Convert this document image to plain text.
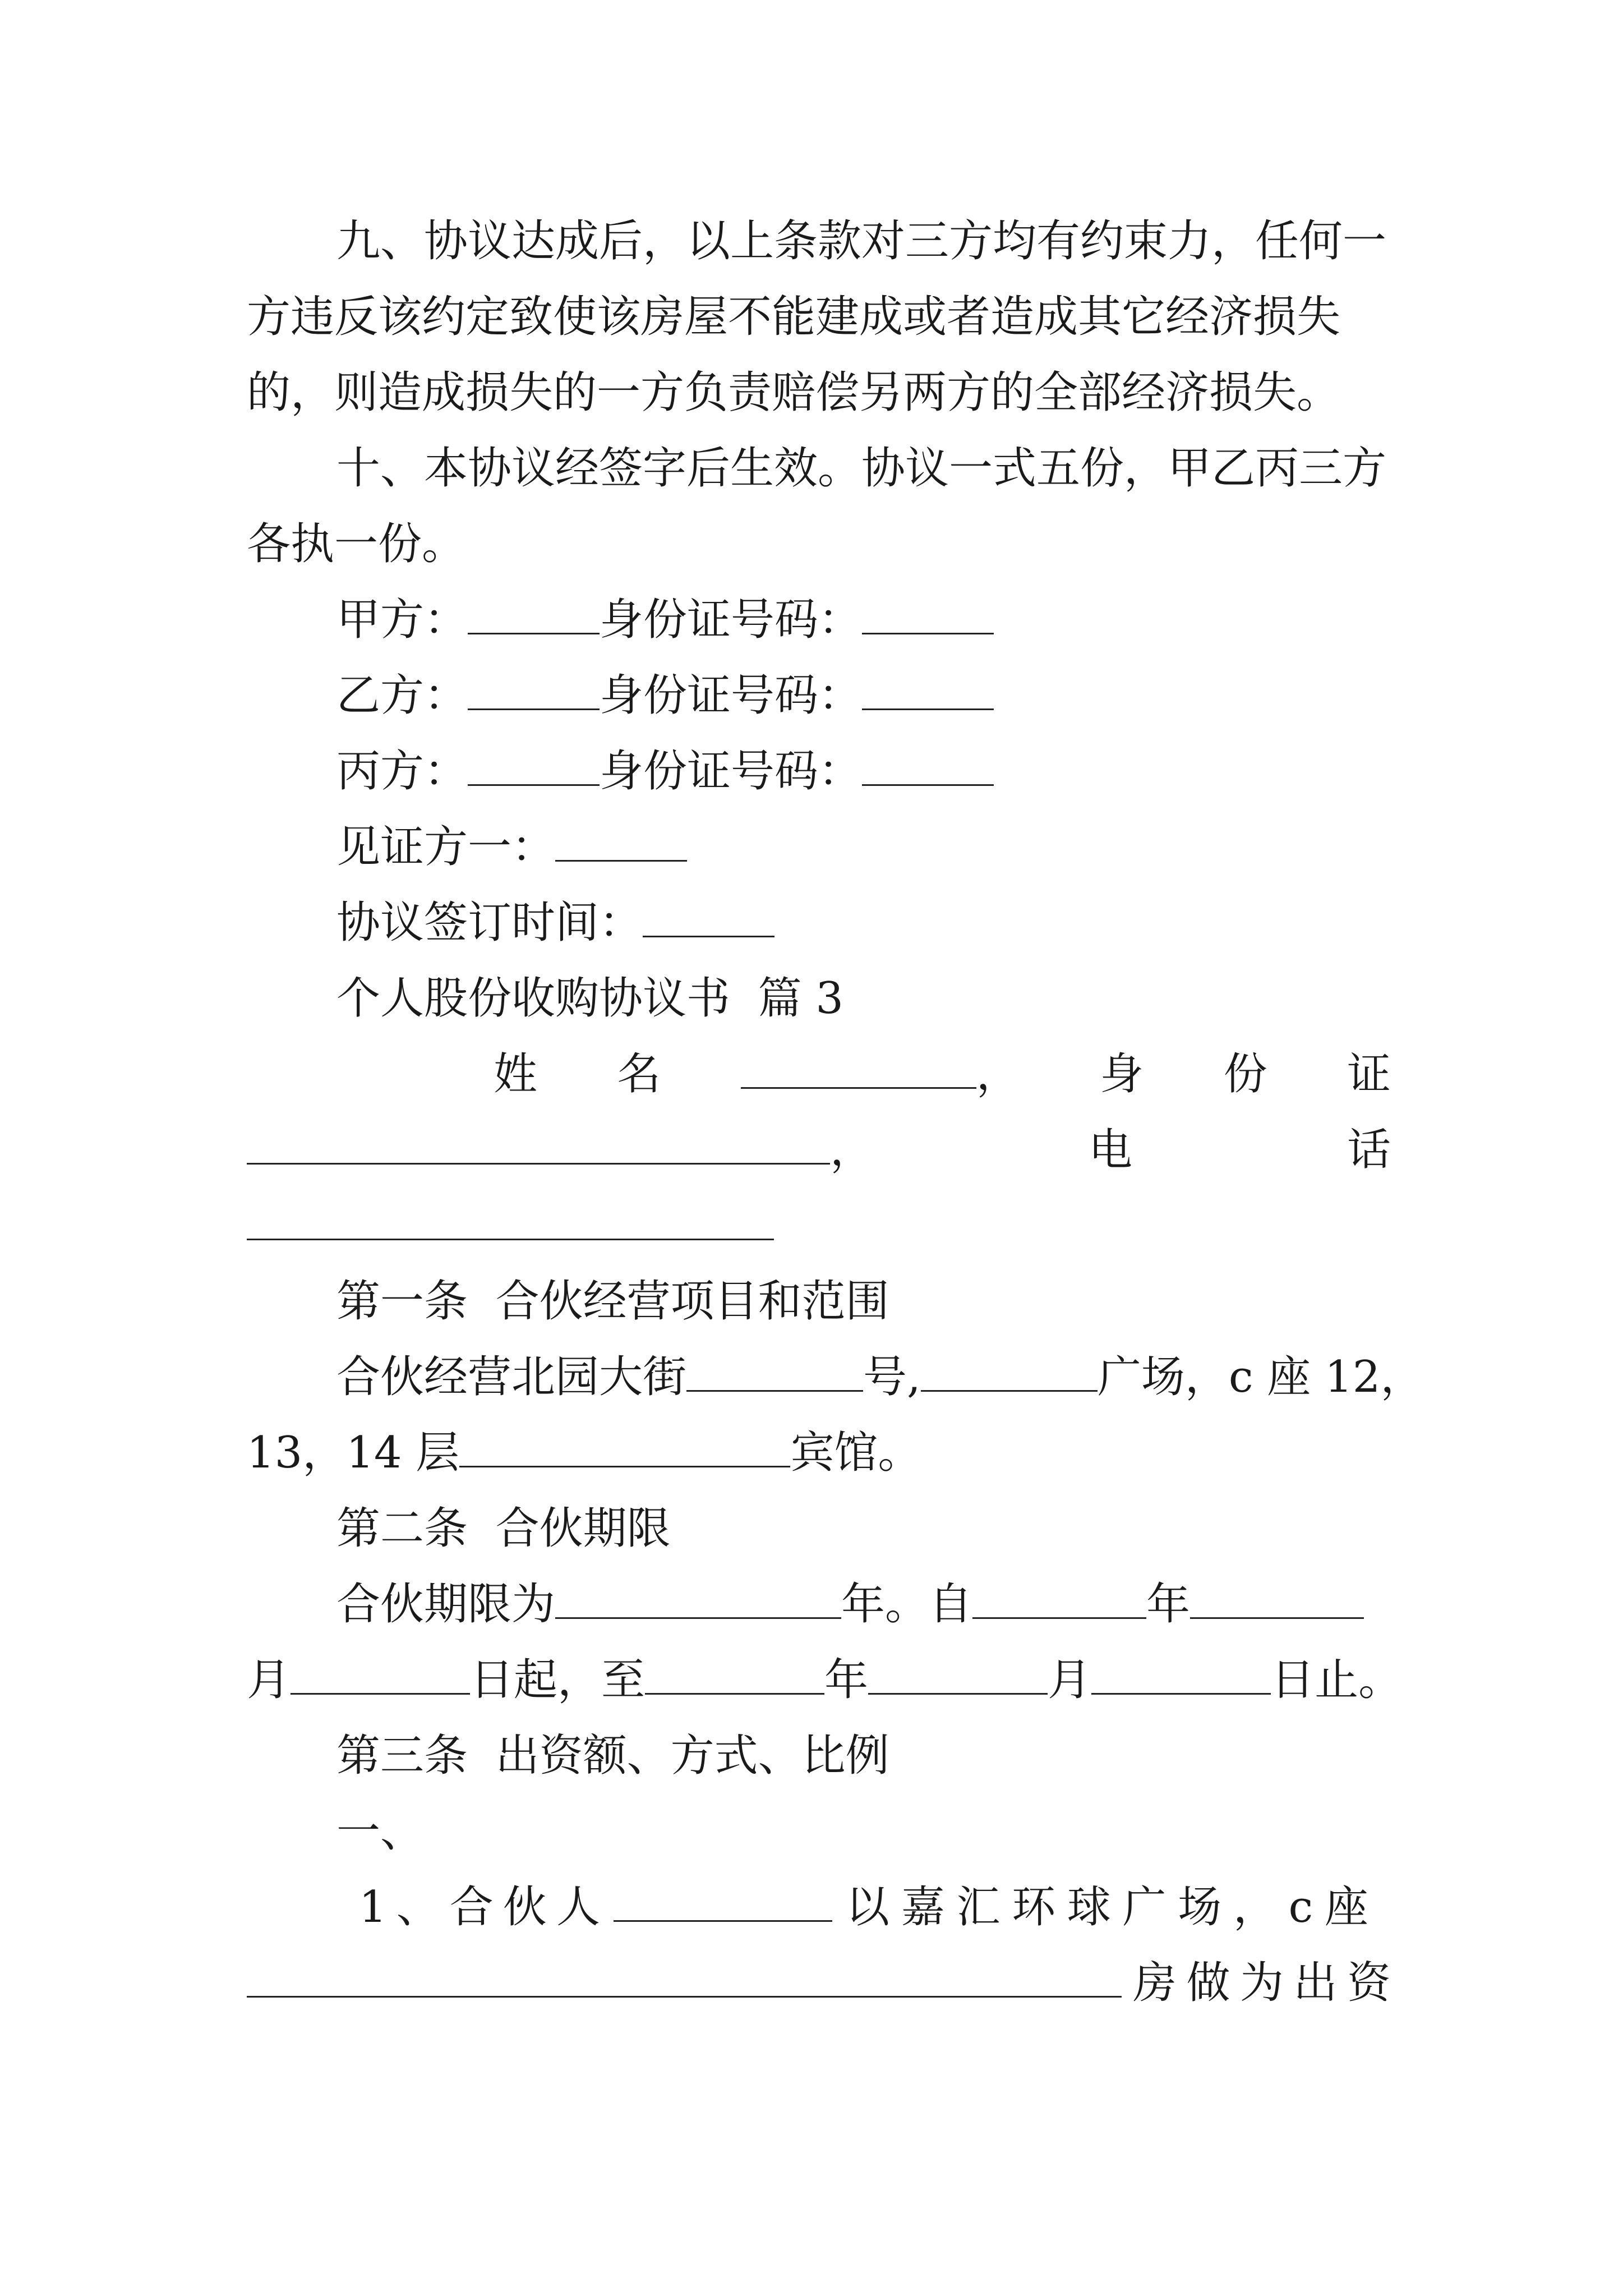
九、协议达成后，以上条款对三方均有约束力，任何一
方违反该约定致使该房屋不能建成或者造成其它经济损失
的，则造成损失的一方负责赔偿另两方的全部经济损失。
十、本协议经签字后生效。协议一式五份，甲乙丙三方
各执一份。
甲方：	身份证号码：
乙方：	身份证号码：
丙方：	身份证号码：
见证方一：
协议签订时间：
个人股份收购协议书  篇 3
姓 名	， 身 份 证
，	电	话
第一条  合伙经营项目和范围
合伙经营北园大街	号,	广场，c 座 12，
13，14 层	宾馆。
第二条  合伙期限
合伙期限为	年。自	年
月	日起，至	年	月	日止。
第三条  出资额、方式、比例
一、
1 、 合 伙 人	以 嘉 汇 环 球 广 场 ， c 座
房 做 为 出 资
